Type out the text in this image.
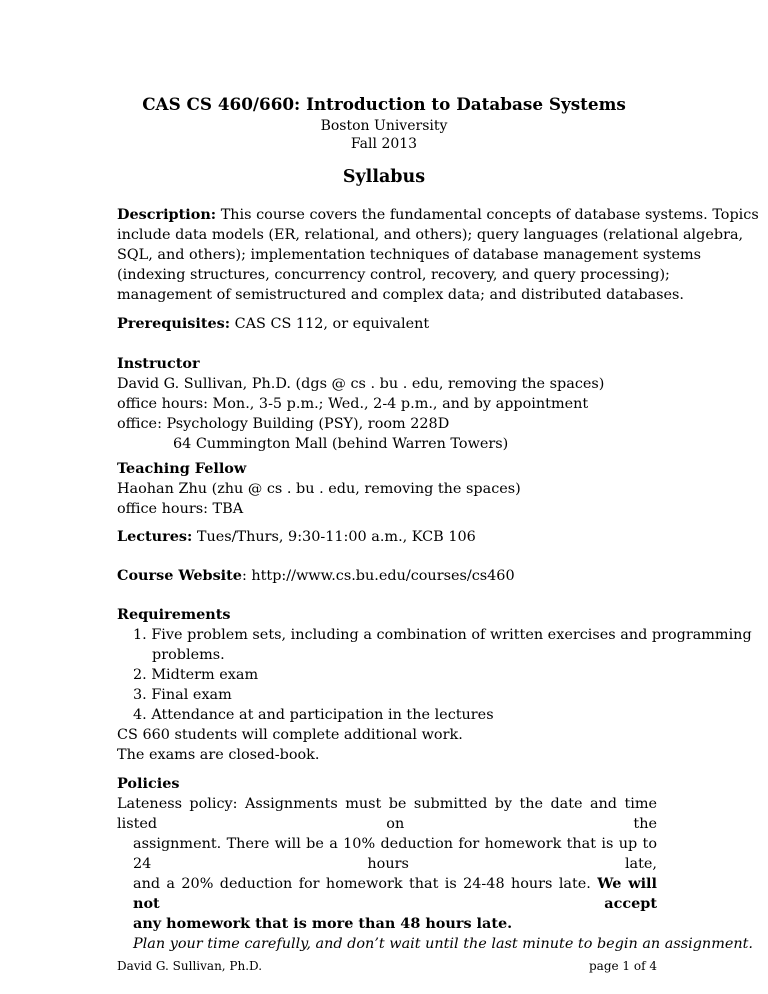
CAS CS 460/660: Introduction to Database Systems
Boston University
Fall 2013
Syllabus
Description: This course covers the fundamental concepts of database systems. Topics
include data models (ER, relational, and others); query languages (relational algebra,
SQL, and others); implementation techniques of database management systems
(indexing structures, concurrency control, recovery, and query processing);
management of semistructured and complex data; and distributed databases.
Prerequisites: CAS CS 112, or equivalent
Instructor
David G. Sullivan, Ph.D. (dgs @ cs . bu . edu, removing the spaces)
office hours: Mon., 3-5 p.m.; Wed., 2-4 p.m., and by appointment
office: Psychology Building (PSY), room 228D
64 Cummington Mall (behind Warren Towers)
Teaching Fellow
Haohan Zhu (zhu @ cs . bu . edu, removing the spaces)
office hours: TBA
Lectures: Tues/Thurs, 9:30-11:00 a.m., KCB 106
Course Website: http://www.cs.bu.edu/courses/cs460
Requirements
1. Five problem sets, including a combination of written exercises and programming
problems.
2. Midterm exam
3. Final exam
4. Attendance at and participation in the lectures
CS 660 students will complete additional work.
The exams are closed-book.
Policies
Lateness policy: Assignments must be submitted by the date and time listed on the
assignment. There will be a 10% deduction for homework that is up to 24 hours late,
and a 20% deduction for homework that is 24-48 hours late. We will not accept
any homework that is more than 48 hours late.
Plan your time carefully, and don’t wait until the last minute to begin an assignment.
David G. Sullivan, Ph.D.	page 1 of 4
